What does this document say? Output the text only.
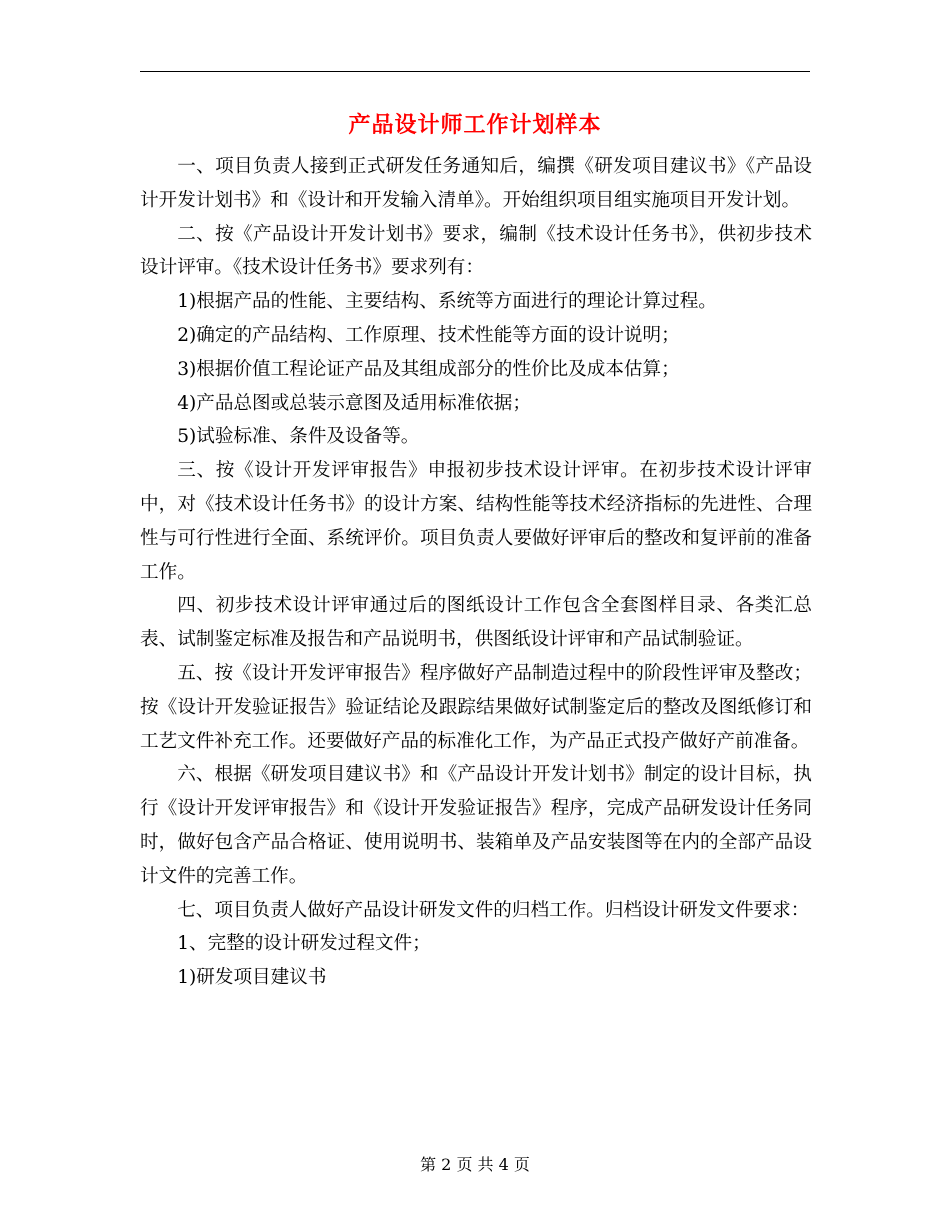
产品设计师工作计划样本

一、项目负责人接到正式研发任务通知后，编撰《研发项目建议书》《产品设计开发计划书》和《设计和开发输入清单》。开始组织项目组实施项目开发计划。

二、按《产品设计开发计划书》要求，编制《技术设计任务书》，供初步技术设计评审。《技术设计任务书》要求列有：

1)根据产品的性能、主要结构、系统等方面进行的理论计算过程。

2)确定的产品结构、工作原理、技术性能等方面的设计说明；

3)根据价值工程论证产品及其组成部分的性价比及成本估算；

4)产品总图或总装示意图及适用标准依据；

5)试验标准、条件及设备等。

三、按《设计开发评审报告》申报初步技术设计评审。在初步技术设计评审中，对《技术设计任务书》的设计方案、结构性能等技术经济指标的先进性、合理性与可行性进行全面、系统评价。项目负责人要做好评审后的整改和复评前的准备工作。

四、初步技术设计评审通过后的图纸设计工作包含全套图样目录、各类汇总表、试制鉴定标准及报告和产品说明书，供图纸设计评审和产品试制验证。

五、按《设计开发评审报告》程序做好产品制造过程中的阶段性评审及整改；按《设计开发验证报告》验证结论及跟踪结果做好试制鉴定后的整改及图纸修订和工艺文件补充工作。还要做好产品的标准化工作，为产品正式投产做好产前准备。

六、根据《研发项目建议书》和《产品设计开发计划书》制定的设计目标，执行《设计开发评审报告》和《设计开发验证报告》程序，完成产品研发设计任务同时，做好包含产品合格证、使用说明书、装箱单及产品安装图等在内的全部产品设计文件的完善工作。

七、项目负责人做好产品设计研发文件的归档工作。归档设计研发文件要求：

1、完整的设计研发过程文件；

1)研发项目建议书

第 2 页 共 4 页
